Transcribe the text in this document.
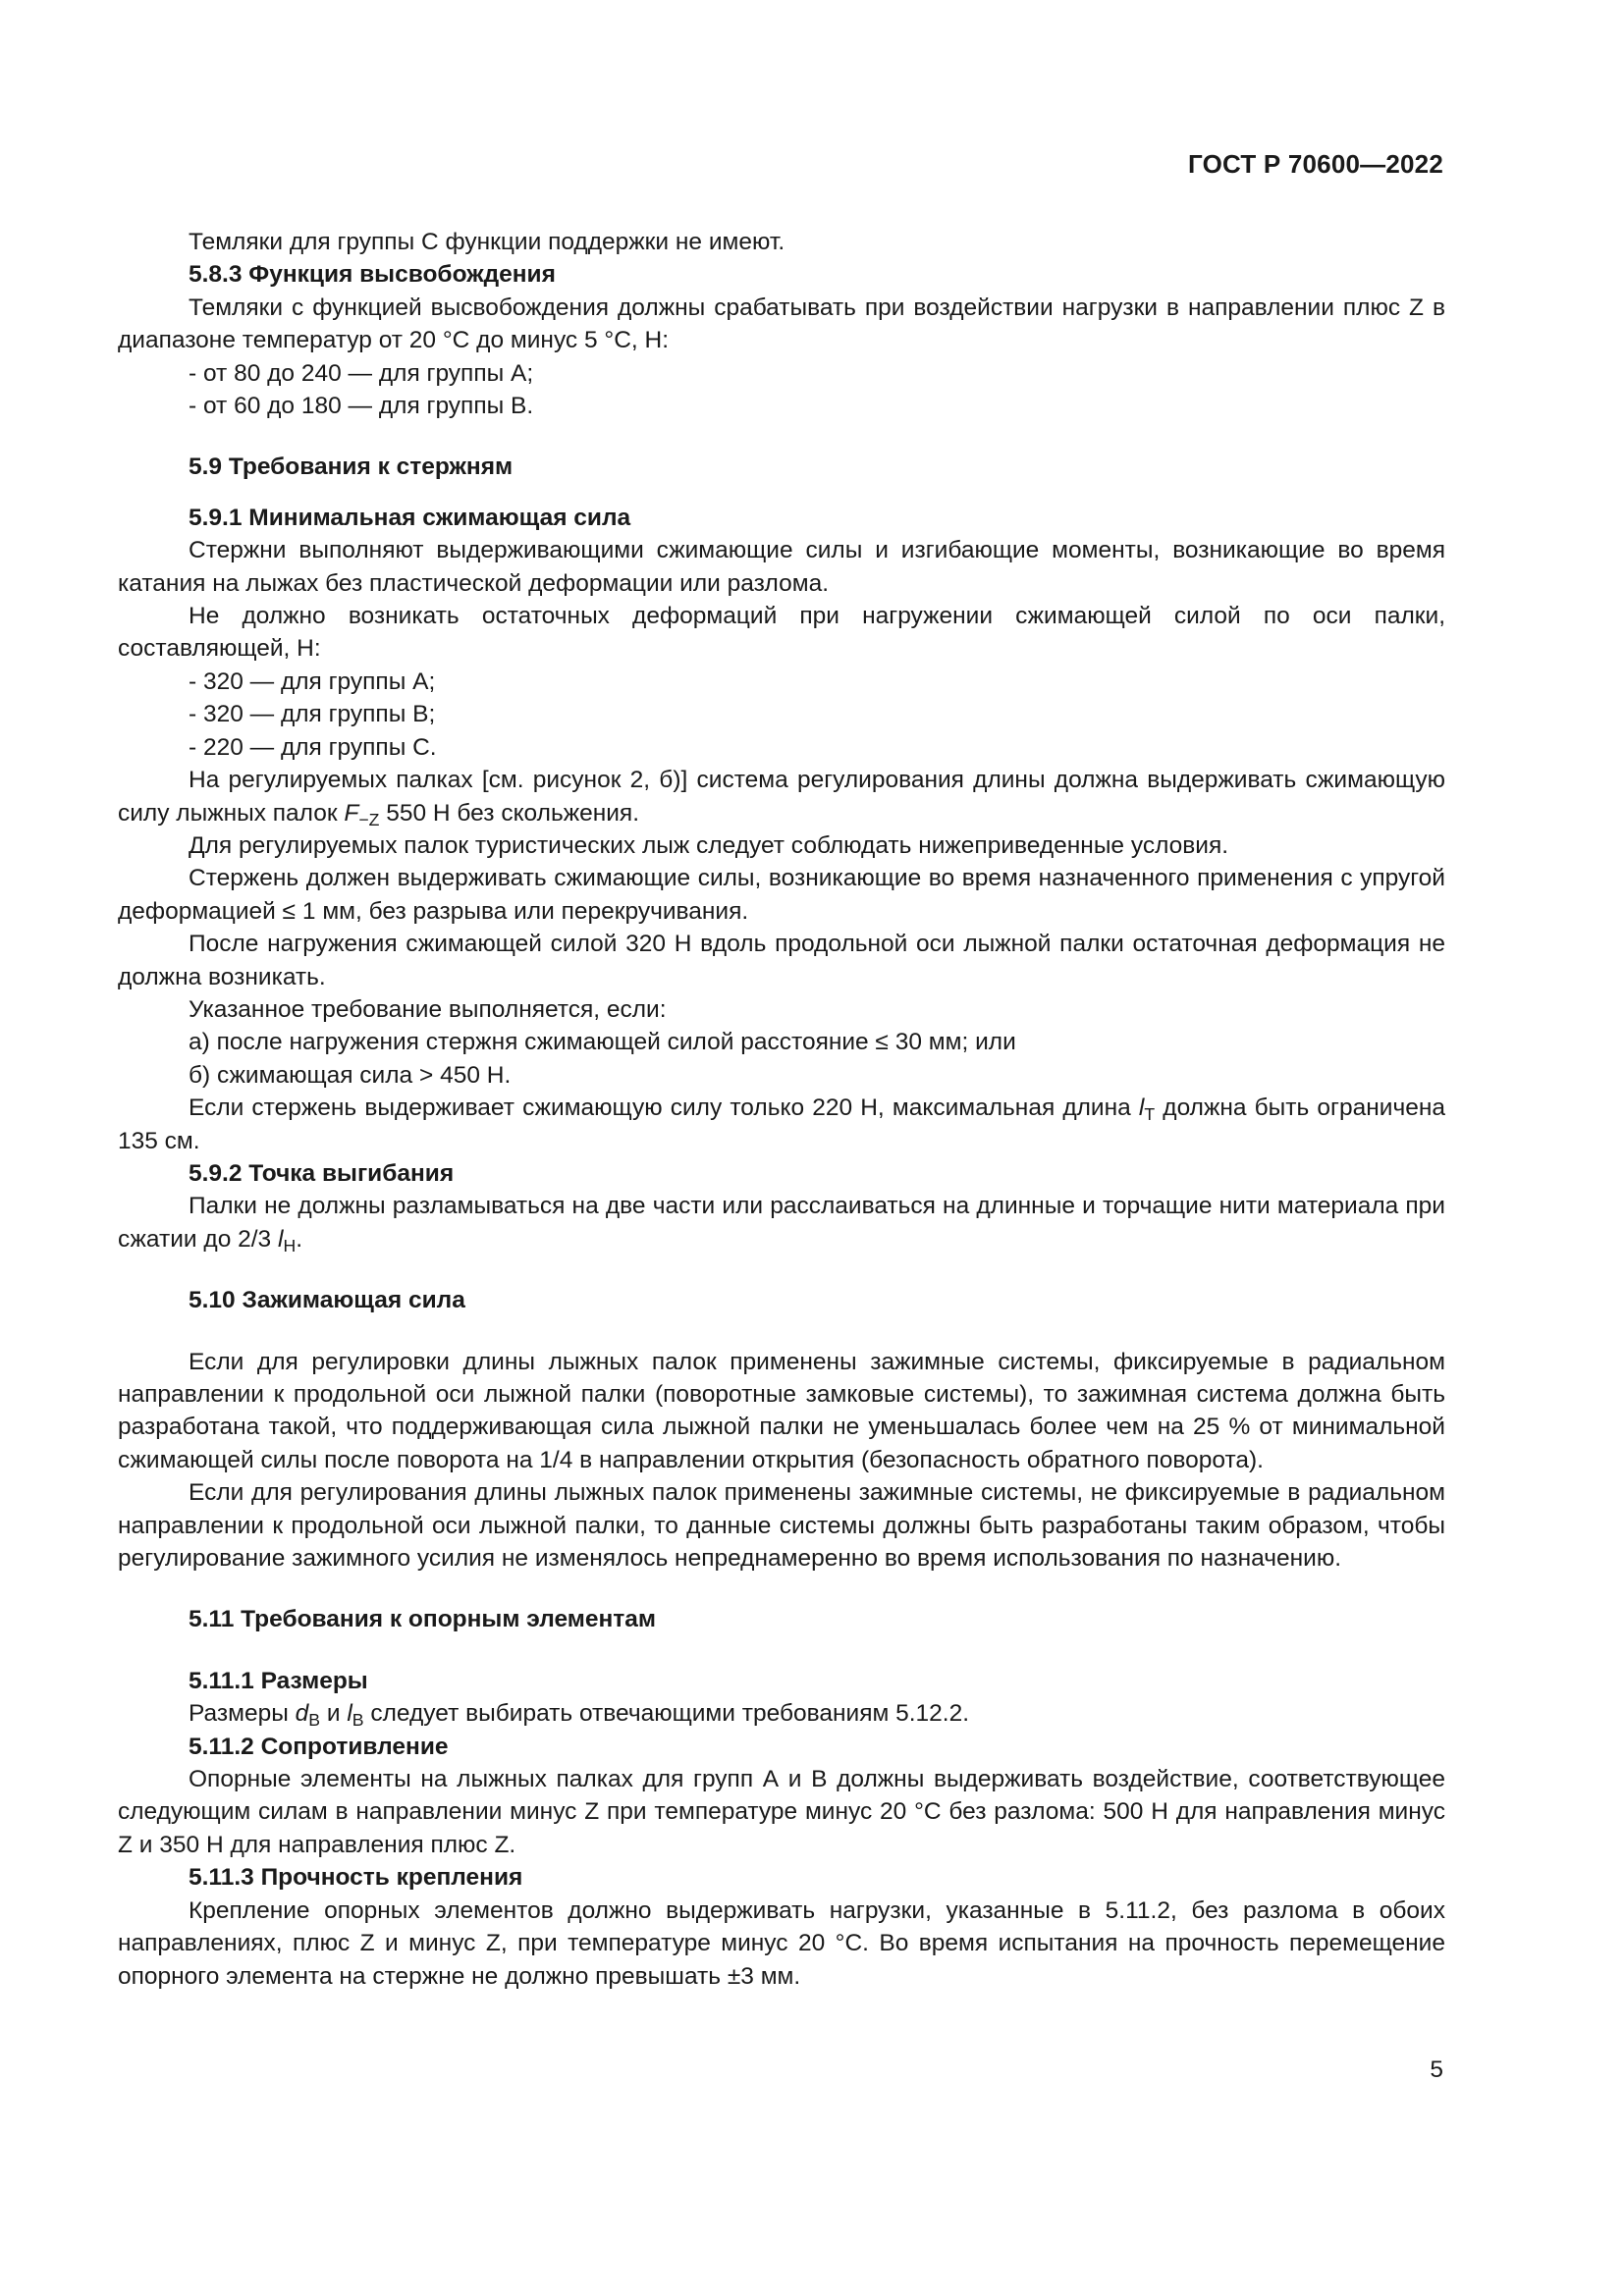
ГОСТ Р 70600—2022

Темляки для группы С функции поддержки не имеют.

5.8.3 Функция высвобождения

Темляки с функцией высвобождения должны срабатывать при воздействии нагрузки в направлении плюс Z в диапазоне температур от 20 °С до минус 5 °С, Н:

- от 80 до 240 — для группы А;

- от 60 до 180 — для группы В.

5.9 Требования к стержням

5.9.1 Минимальная сжимающая сила

Стержни выполняют выдерживающими сжимающие силы и изгибающие моменты, возникающие во время катания на лыжах без пластической деформации или разлома.

Не должно возникать остаточных деформаций при нагружении сжимающей силой по оси палки, составляющей, Н:

- 320 — для группы А;

- 320 — для группы В;

- 220 — для группы С.

На регулируемых палках [см. рисунок 2, б)] система регулирования длины должна выдерживать сжимающую силу лыжных палок $F_{-Z}$ 550 Н без скольжения.

Для регулируемых палок туристических лыж следует соблюдать нижеприведенные условия.

Стержень должен выдерживать сжимающие силы, возникающие во время назначенного применения с упругой деформацией ≤ 1 мм, без разрыва или перекручивания.

После нагружения сжимающей силой 320 Н вдоль продольной оси лыжной палки остаточная деформация не должна возникать.

Указанное требование выполняется, если:

а) после нагружения стержня сжимающей силой расстояние ≤ 30 мм; или

б) сжимающая сила > 450 Н.

Если стержень выдерживает сжимающую силу только 220 Н, максимальная длина $l_T$ должна быть ограничена 135 см.

5.9.2 Точка выгибания

Палки не должны разламываться на две части или расслаиваться на длинные и торчащие нити материала при сжатии до 2/3 $l_Н$.

5.10 Зажимающая сила

Если для регулировки длины лыжных палок применены зажимные системы, фиксируемые в радиальном направлении к продольной оси лыжной палки (поворотные замковые системы), то зажимная система должна быть разработана такой, что поддерживающая сила лыжной палки не уменьшалась более чем на 25 % от минимальной сжимающей силы после поворота на 1/4 в направлении открытия (безопасность обратного поворота).

Если для регулирования длины лыжных палок применены зажимные системы, не фиксируемые в радиальном направлении к продольной оси лыжной палки, то данные системы должны быть разработаны таким образом, чтобы регулирование зажимного усилия не изменялось непреднамеренно во время использования по назначению.

5.11 Требования к опорным элементам

5.11.1 Размеры

Размеры $d_В$ и $l_В$ следует выбирать отвечающими требованиям 5.12.2.

5.11.2 Сопротивление

Опорные элементы на лыжных палках для групп А и В должны выдерживать воздействие, соответствующее следующим силам в направлении минус Z при температуре минус 20 °С без разлома: 500 Н для направления минус Z и 350 Н для направления плюс Z.

5.11.3 Прочность крепления

Крепление опорных элементов должно выдерживать нагрузки, указанные в 5.11.2, без разлома в обоих направлениях, плюс Z и минус Z, при температуре минус 20 °С. Во время испытания на прочность перемещение опорного элемента на стержне не должно превышать ±3 мм.

5
